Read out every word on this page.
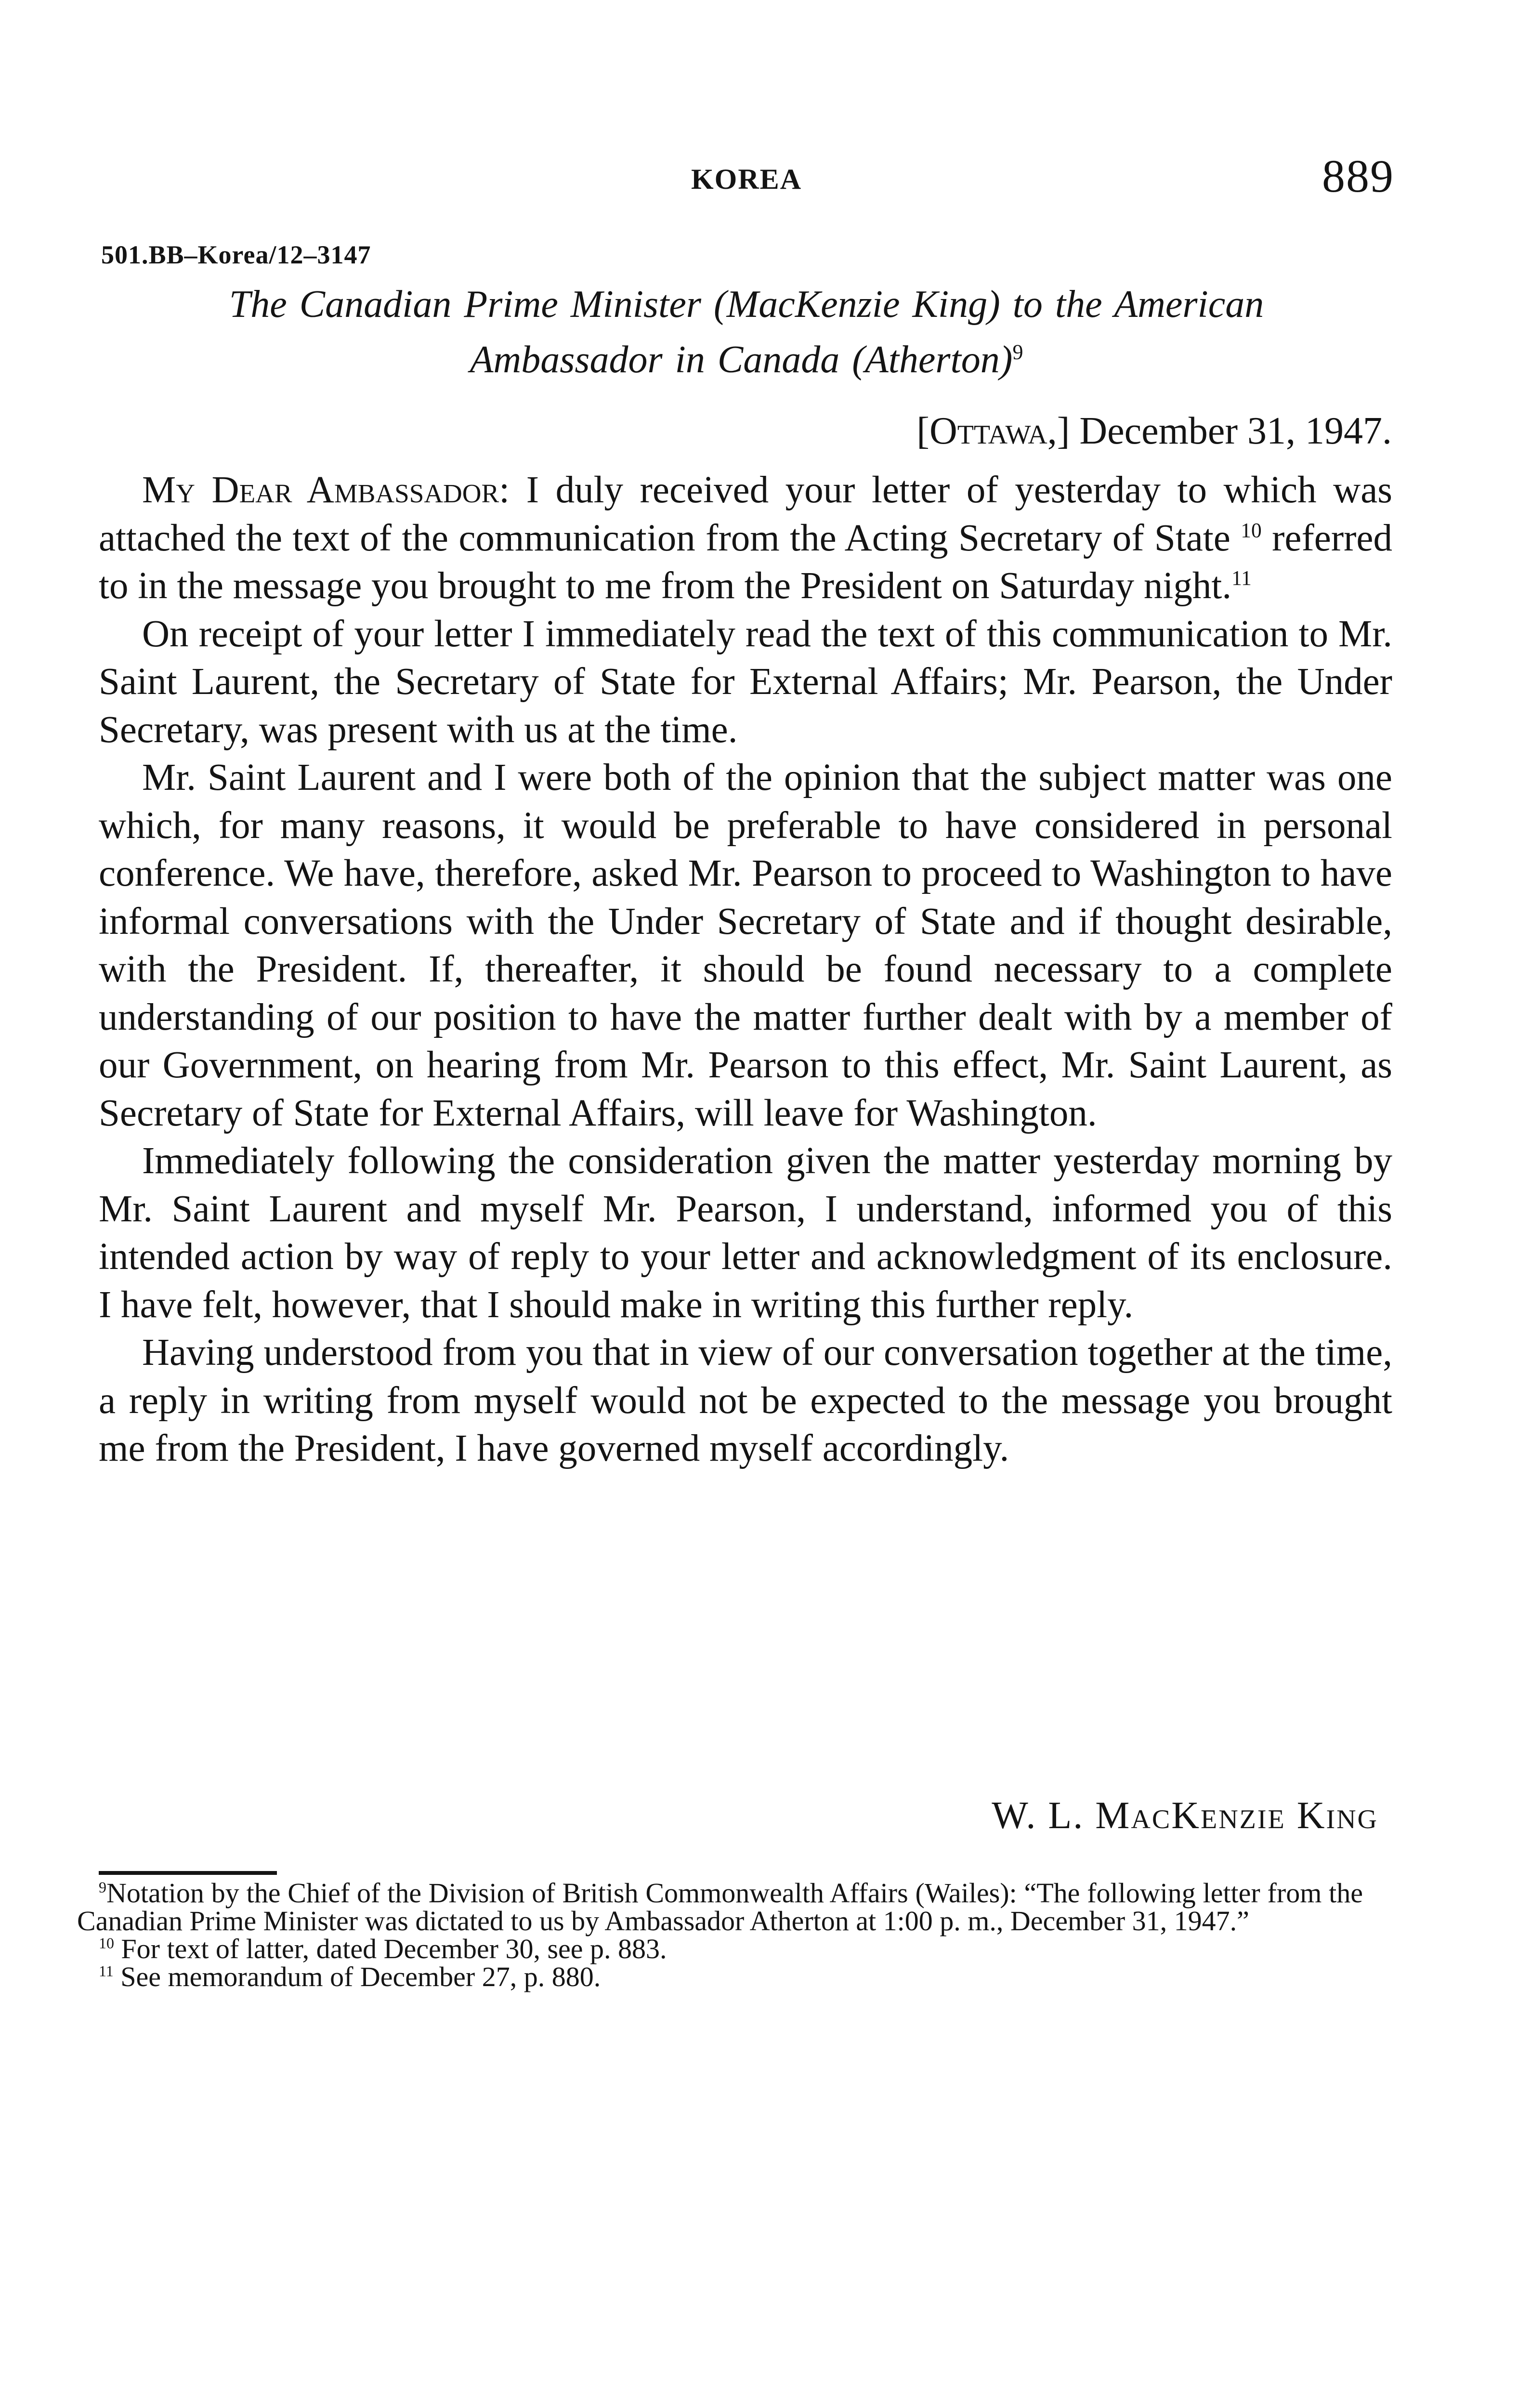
KOREA	889
501.BB–Korea/12–3147
The Canadian Prime Minister (MacKenzie King) to the American
Ambassador in Canada (Atherton)$^9$
[Ottawa,] December 31, 1947.

My Dear Ambassador: I duly received your letter of yesterday to which was attached the text of the communication from the Acting Secretary of State $^{10}$ referred to in the message you brought to me from the President on Saturday night.$^{11}$

On receipt of your letter I immediately read the text of this communication to Mr. Saint Laurent, the Secretary of State for External Affairs; Mr. Pearson, the Under Secretary, was present with us at the time.

Mr. Saint Laurent and I were both of the opinion that the subject matter was one which, for many reasons, it would be preferable to have considered in personal conference. We have, therefore, asked Mr. Pearson to proceed to Washington to have informal conversations with the Under Secretary of State and if thought desirable, with the President. If, thereafter, it should be found necessary to a complete understanding of our position to have the matter further dealt with by a member of our Government, on hearing from Mr. Pearson to this effect, Mr. Saint Laurent, as Secretary of State for External Affairs, will leave for Washington.

Immediately following the consideration given the matter yesterday morning by Mr. Saint Laurent and myself Mr. Pearson, I understand, informed you of this intended action by way of reply to your letter and acknowledgment of its enclosure. I have felt, however, that I should make in writing this further reply.

Having understood from you that in view of our conversation together at the time, a reply in writing from myself would not be expected to the message you brought me from the President, I have governed myself accordingly.

W. L. MacKenzie King

$^9$Notation by the Chief of the Division of British Commonwealth Affairs (Wailes): “The following letter from the Canadian Prime Minister was dictated to us by Ambassador Atherton at 1:00 p. m., December 31, 1947.”

$^{10}$ For text of latter, dated December 30, see p. 883.

$^{11}$ See memorandum of December 27, p. 880.
